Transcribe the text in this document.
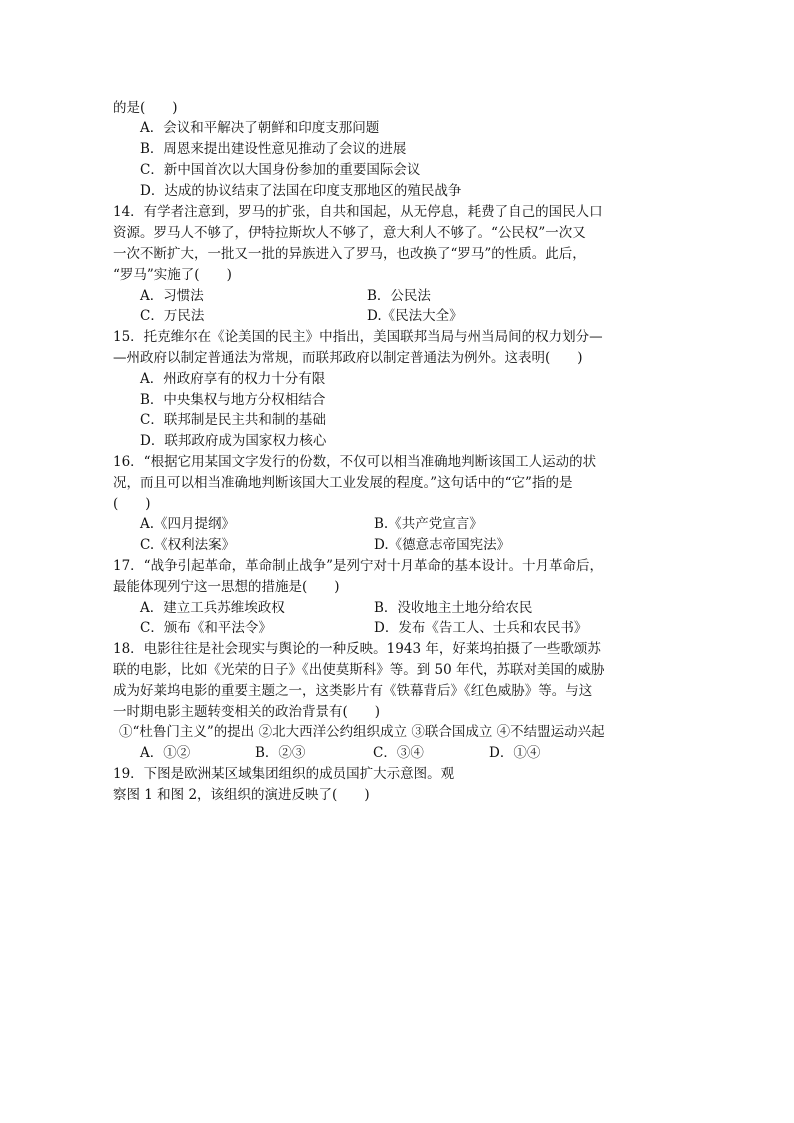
的是(　　)
A．会议和平解决了朝鲜和印度支那问题
B．周恩来提出建设性意见推动了会议的进展
C．新中国首次以大国身份参加的重要国际会议
D．达成的协议结束了法国在印度支那地区的殖民战争
14．有学者注意到，罗马的扩张，自共和国起，从无停息，耗费了自己的国民人口
资源。罗马人不够了，伊特拉斯坎人不够了，意大利人不够了。“公民权”一次又
一次不断扩大，一批又一批的异族进入了罗马，也改换了“罗马”的性质。此后，
“罗马”实施了(　　)
A．习惯法	B．公民法
C．万民法	D.《民法大全》
15．托克维尔在《论美国的民主》中指出，美国联邦当局与州当局间的权力划分—
—州政府以制定普通法为常规，而联邦政府以制定普通法为例外。这表明(　　)
A．州政府享有的权力十分有限
B．中央集权与地方分权相结合
C．联邦制是民主共和制的基础
D．联邦政府成为国家权力核心
16．“根据它用某国文字发行的份数，不仅可以相当准确地判断该国工人运动的状
况，而且可以相当准确地判断该国大工业发展的程度。”这句话中的“它”指的是
(　　)
A.《四月提纲》	B.《共产党宣言》
C.《权利法案》	D.《德意志帝国宪法》
17．“战争引起革命，革命制止战争”是列宁对十月革命的基本设计。十月革命后，
最能体现列宁这一思想的措施是(　　)
A．建立工兵苏维埃政权	B．没收地主土地分给农民
C．颁布《和平法令》	D．发布《告工人、士兵和农民书》
18．电影往往是社会现实与舆论的一种反映。1943 年，好莱坞拍摄了一些歌颂苏
联的电影，比如《光荣的日子》《出使莫斯科》等。到 50 年代，苏联对美国的威胁
成为好莱坞电影的重要主题之一，这类影片有《铁幕背后》《红色威胁》等。与这
一时期电影主题转变相关的政治背景有(　　)
①“杜鲁门主义”的提出 ②北大西洋公约组织成立 ③联合国成立 ④不结盟运动兴起
A．①②	B．②③	C．③④	D．①④
19．下图是欧洲某区域集团组织的成员国扩大示意图。观
察图 1 和图 2，该组织的演进反映了(　　)
